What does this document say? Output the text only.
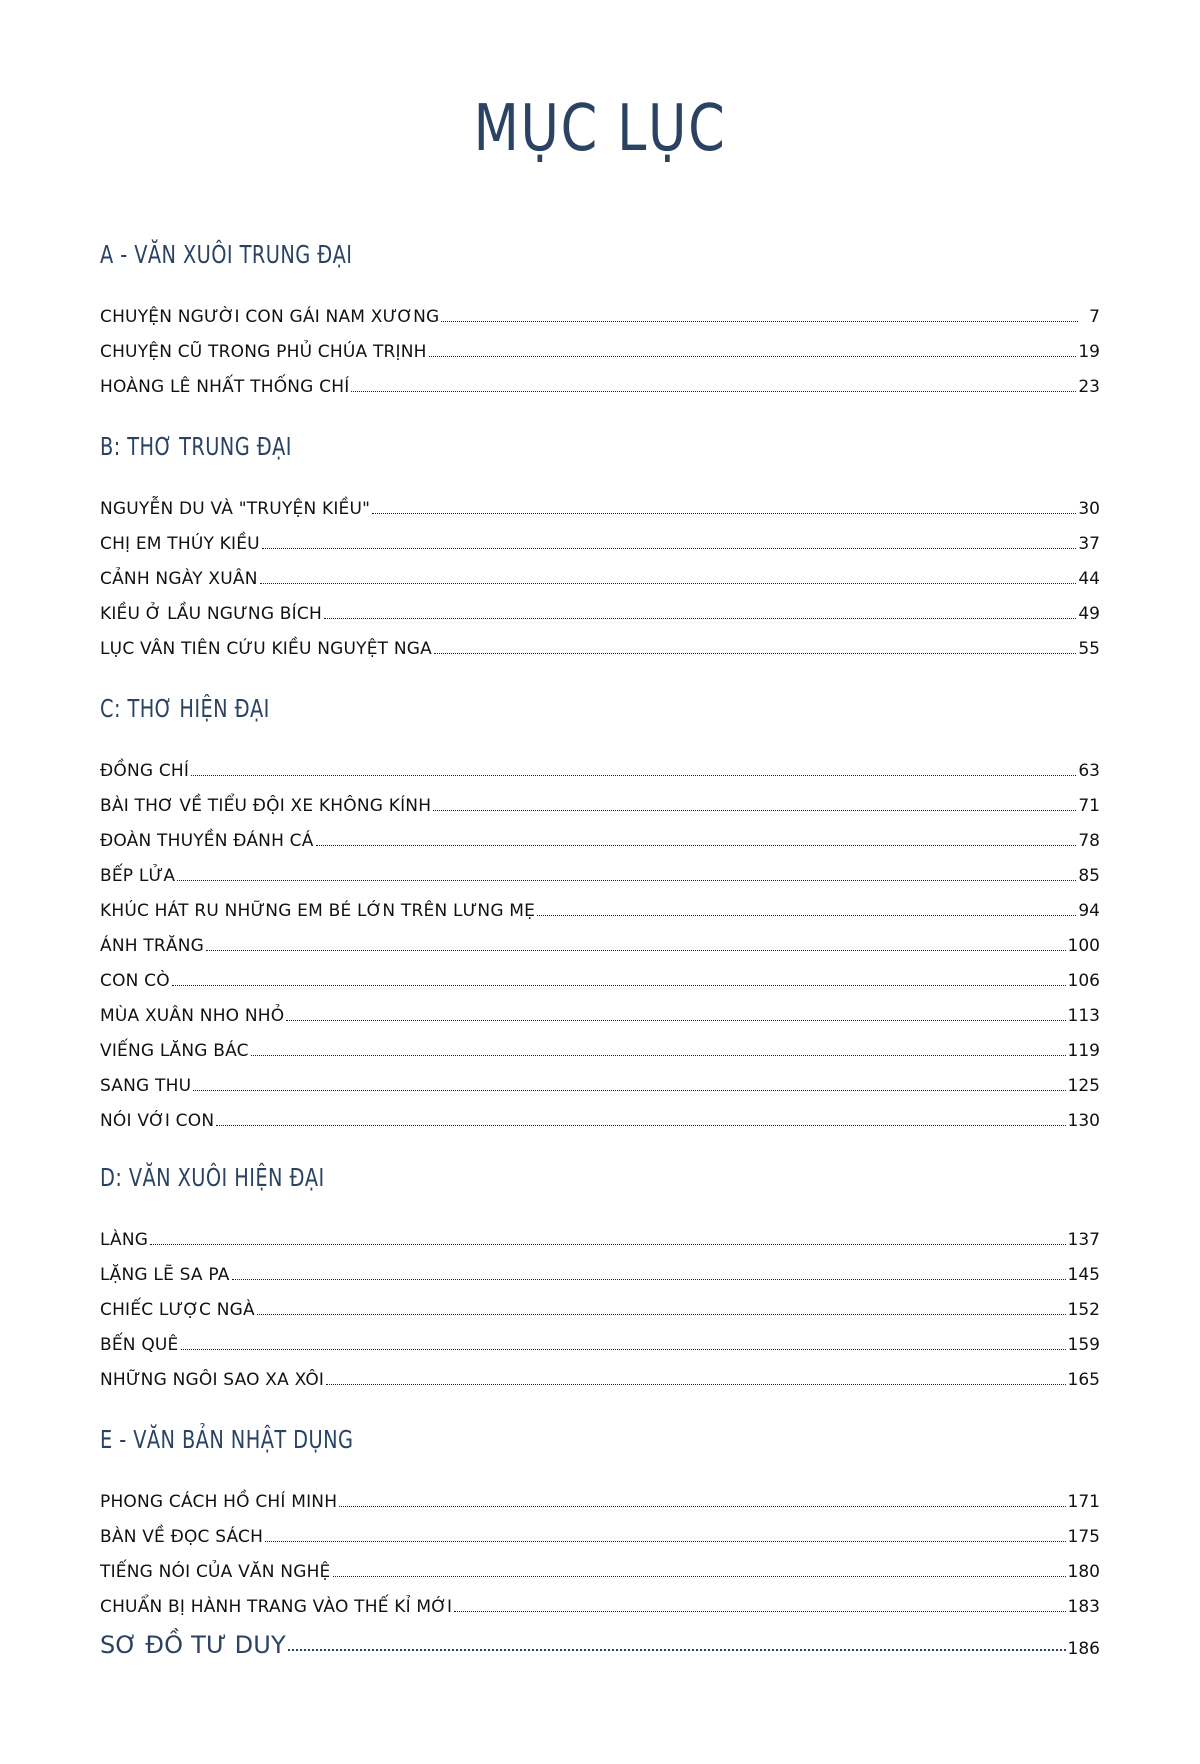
MỤC LỤC
A - VĂN XUÔI TRUNG ĐẠI
CHUYỆN NGƯỜI CON GÁI NAM XƯƠNG	7
CHUYỆN CŨ TRONG PHỦ CHÚA TRỊNH	19
HOÀNG LÊ NHẤT THỐNG CHÍ	23
B: THƠ TRUNG ĐẠI
NGUYỄN DU VÀ "TRUYỆN KIỀU"	30
CHỊ EM THÚY KIỀU	37
CẢNH NGÀY XUÂN	44
KIỀU Ở LẦU NGƯNG BÍCH	49
LỤC VÂN TIÊN CỨU KIỀU NGUYỆT NGA	55
C: THƠ HIỆN ĐẠI
ĐỒNG CHÍ	63
BÀI THƠ VỀ TIỂU ĐỘI XE KHÔNG KÍNH	71
ĐOÀN THUYỀN ĐÁNH CÁ	78
BẾP LỬA	85
KHÚC HÁT RU NHỮNG EM BÉ LỚN TRÊN LƯNG MẸ	94
ÁNH TRĂNG	100
CON CÒ	106
MÙA XUÂN NHO NHỎ	113
VIẾNG LĂNG BÁC	119
SANG THU	125
NÓI VỚI CON	130
D: VĂN XUÔI HIỆN ĐẠI
LÀNG	137
LẶNG LẼ SA PA	145
CHIẾC LƯỢC NGÀ	152
BẾN QUÊ	159
NHỮNG NGÔI SAO XA XÔI	165
E - VĂN BẢN NHẬT DỤNG
PHONG CÁCH HỒ CHÍ MINH	171
BÀN VỀ ĐỌC SÁCH	175
TIẾNG NÓI CỦA VĂN NGHỆ	180
CHUẨN BỊ HÀNH TRANG VÀO THẾ KỈ MỚI	183
SƠ ĐỒ TƯ DUY	186
